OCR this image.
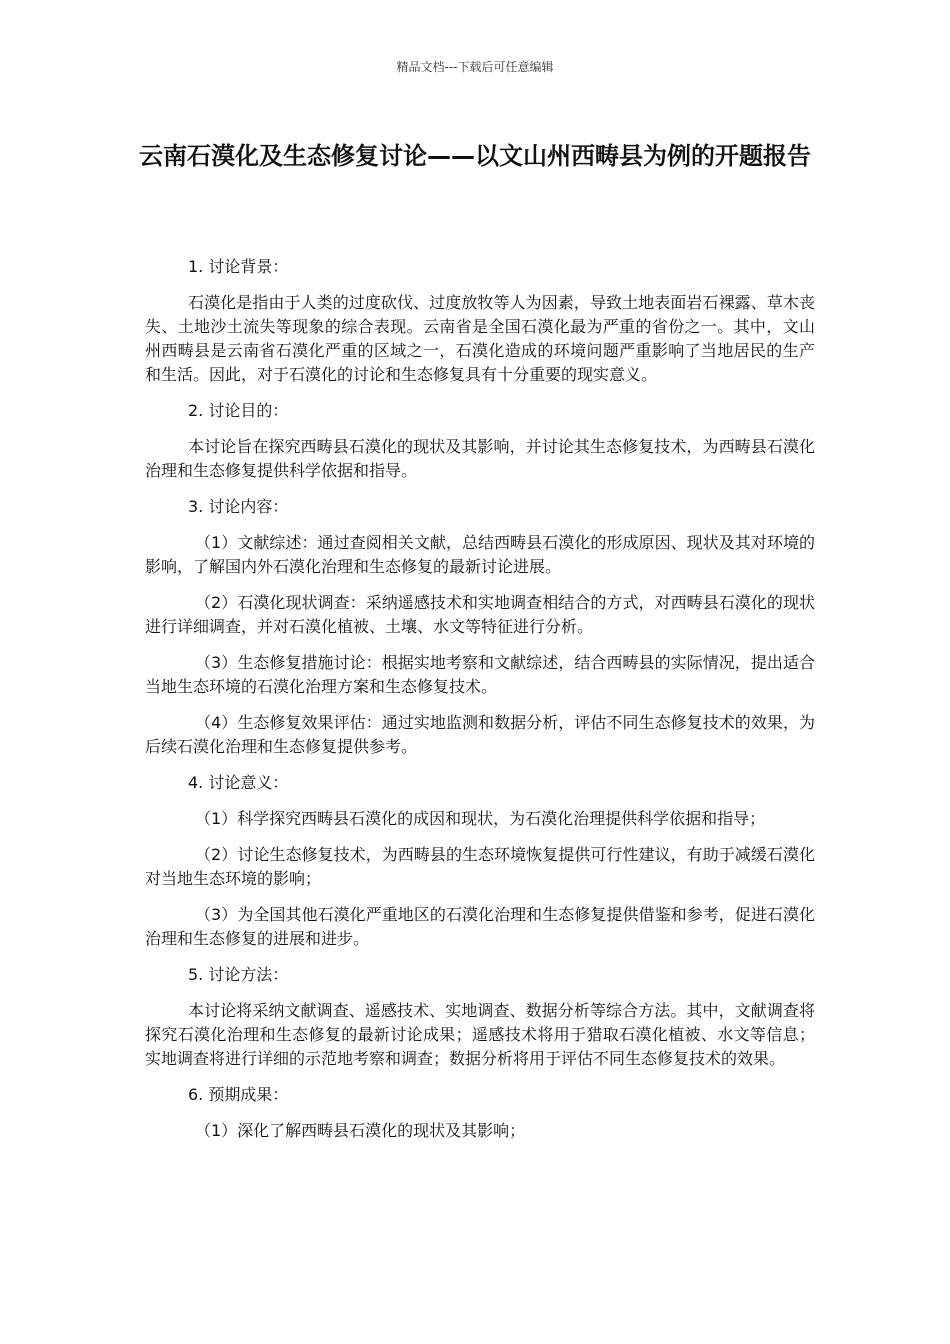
精品文档---下载后可任意编辑
云南石漠化及生态修复讨论——以文山州西畴县为例的开题报告

1. 讨论背景：

石漠化是指由于人类的过度砍伐、过度放牧等人为因素，导致土地表面岩石裸露、草木丧失、土地沙土流失等现象的综合表现。云南省是全国石漠化最为严重的省份之一。其中，文山州西畴县是云南省石漠化严重的区域之一，石漠化造成的环境问题严重影响了当地居民的生产和生活。因此，对于石漠化的讨论和生态修复具有十分重要的现实意义。

2. 讨论目的：

本讨论旨在探究西畴县石漠化的现状及其影响，并讨论其生态修复技术，为西畴县石漠化治理和生态修复提供科学依据和指导。

3. 讨论内容：

（1）文献综述：通过查阅相关文献，总结西畴县石漠化的形成原因、现状及其对环境的影响，了解国内外石漠化治理和生态修复的最新讨论进展。

（2）石漠化现状调查：采纳遥感技术和实地调查相结合的方式，对西畴县石漠化的现状进行详细调查，并对石漠化植被、土壤、水文等特征进行分析。

（3）生态修复措施讨论：根据实地考察和文献综述，结合西畴县的实际情况，提出适合当地生态环境的石漠化治理方案和生态修复技术。

（4）生态修复效果评估：通过实地监测和数据分析，评估不同生态修复技术的效果，为后续石漠化治理和生态修复提供参考。

4. 讨论意义：

（1）科学探究西畴县石漠化的成因和现状，为石漠化治理提供科学依据和指导；

（2）讨论生态修复技术，为西畴县的生态环境恢复提供可行性建议，有助于减缓石漠化对当地生态环境的影响；

（3）为全国其他石漠化严重地区的石漠化治理和生态修复提供借鉴和参考，促进石漠化治理和生态修复的进展和进步。

5. 讨论方法：

本讨论将采纳文献调查、遥感技术、实地调查、数据分析等综合方法。其中，文献调查将探究石漠化治理和生态修复的最新讨论成果；遥感技术将用于猎取石漠化植被、水文等信息；实地调查将进行详细的示范地考察和调查；数据分析将用于评估不同生态修复技术的效果。

6. 预期成果：

（1）深化了解西畴县石漠化的现状及其影响；
